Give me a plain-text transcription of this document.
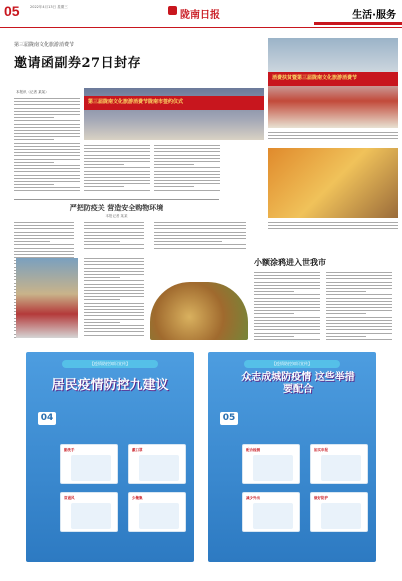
05	2022年4月13日 星期三
陇南日报	生活·服务
第三届陇南文化旅游消费节
邀请函副券27日封存
本报讯（记者 某某）
第三届陇南文化旅游消费节陇南市签约仪式
消费扶贫暨第三届陇南文化旅游消费节
严把防疫关 营造安全购物环境
本报记者 某某
小额涂鸦进入世我市
【疫情防控知识宣传】
居民疫情防控九建议
04
勤洗手	戴口罩
常通风	少聚集
【疫情防控知识宣传】
众志成城防疫情 这些举措要配合
05
配合检测	如实申报
减少外出	做好防护
